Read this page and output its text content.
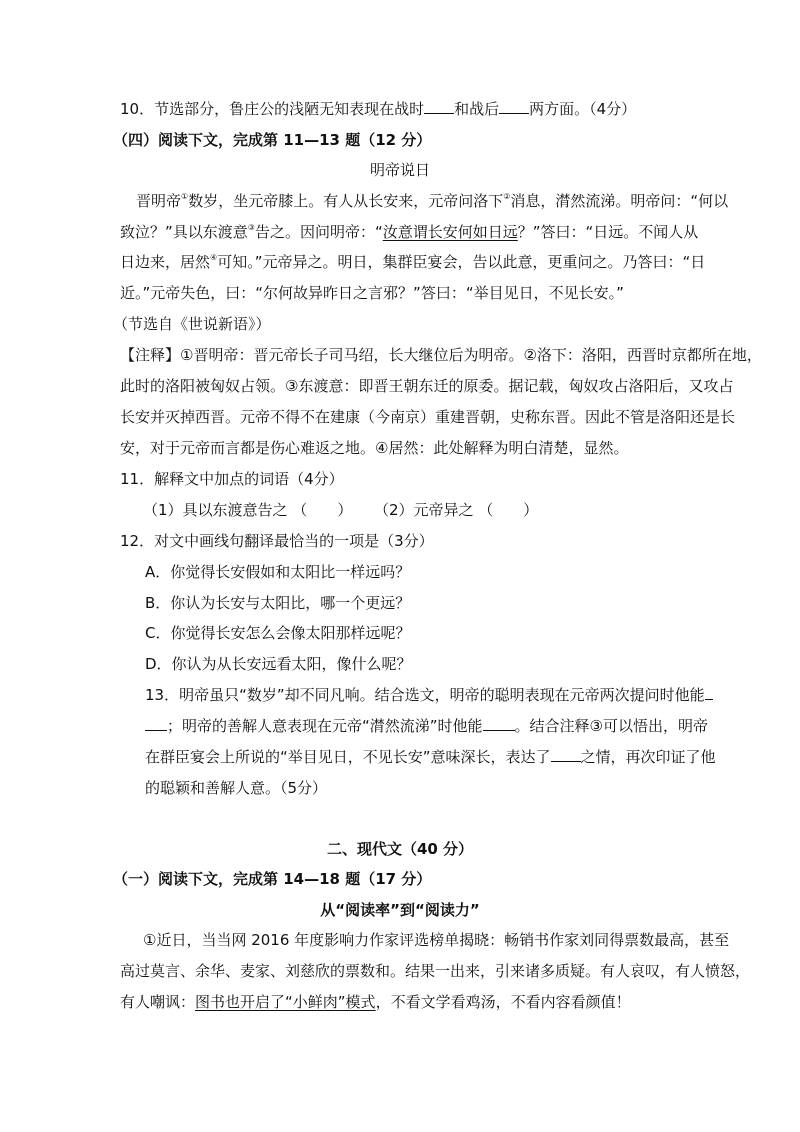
10．节选部分，鲁庄公的浅陋无知表现在战时 和战后 两方面。（4分）
（四）阅读下文，完成第 11—13 题（12 分）
明帝说日
晋明帝①数岁，坐元帝膝上。有人从长安来，元帝问洛下②消息，潸然流涕。明帝问：“何以
致泣？”具以东渡意③告之。因问明帝：“汝意谓长安何如日远？”答曰：“日远。不闻人从
日边来，居然④可知。”元帝异之。明日，集群臣宴会，告以此意，更重问之。乃答曰：“日
近。”元帝失色，曰：“尔何故异昨日之言邪？”答曰：“举目见日，不见长安。”
（节选自《世说新语》）
【注释】①晋明帝：晋元帝长子司马绍，长大继位后为明帝。②洛下：洛阳，西晋时京都所在地，
此时的洛阳被匈奴占领。③东渡意：即晋王朝东迁的原委。据记载，匈奴攻占洛阳后，又攻占
长安并灭掉西晋。元帝不得不在建康（今南京）重建晋朝，史称东晋。因此不管是洛阳还是长
安，对于元帝而言都是伤心难返之地。④居然：此处解释为明白清楚，显然。
11．解释文中加点的词语（4分）
（1）具以东渡意告之 （　　） （2）元帝异之 （　　）
12．对文中画线句翻译最恰当的一项是（3分）
A．你觉得长安假如和太阳比一样远吗？
B．你认为长安与太阳比，哪一个更远？
C．你觉得长安怎么会像太阳那样远呢？
D．你认为从长安远看太阳，像什么呢？
13．明帝虽只“数岁”却不同凡响。结合选文，明帝的聪明表现在元帝两次提问时他能
；明帝的善解人意表现在元帝“潸然流涕”时他能 。结合注释③可以悟出，明帝
在群臣宴会上所说的“举目见日，不见长安”意味深长，表达了 之情，再次印证了他
的聪颖和善解人意。（5分）
二、现代文（40 分）
（一）阅读下文，完成第 14—18 题（17 分）
从“阅读率”到“阅读力”
①近日，当当网 2016 年度影响力作家评选榜单揭晓：畅销书作家刘同得票数最高，甚至
高过莫言、余华、麦家、刘慈欣的票数和。结果一出来，引来诸多质疑。有人哀叹，有人愤怒，
有人嘲讽：图书也开启了“小鲜肉”模式，不看文学看鸡汤，不看内容看颜值！
